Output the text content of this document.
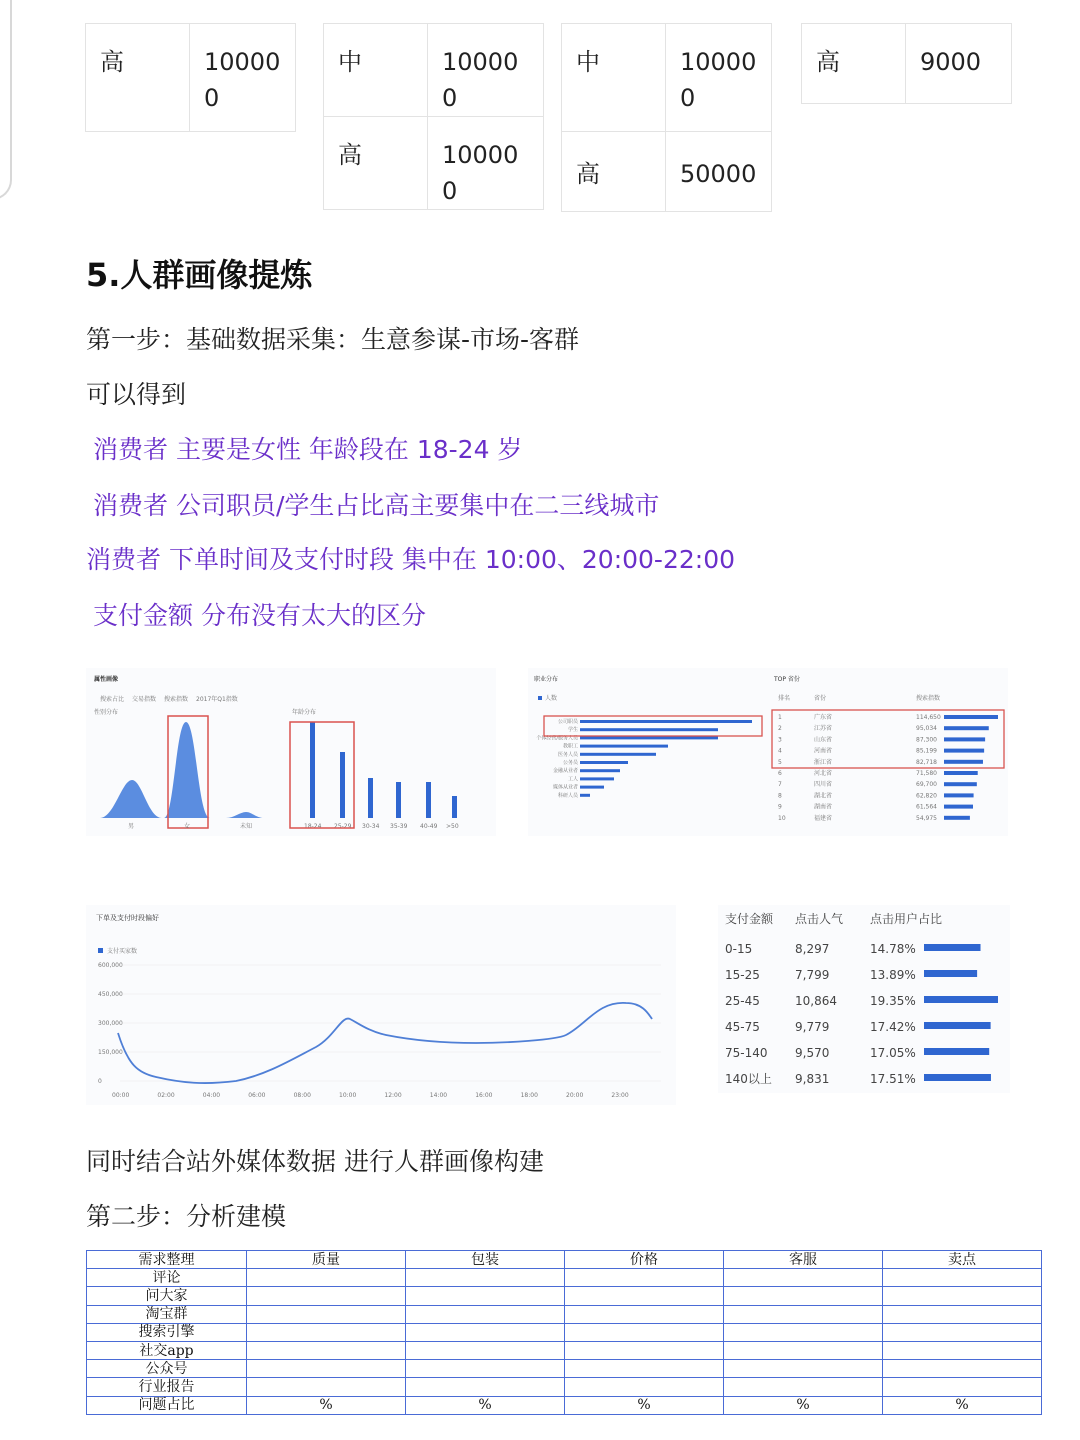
高	100000
中	100000
高	100000
中	100000
高	50000
高	9000
5.人群画像提炼
第一步：基础数据采集：生意参谋-市场-客群
可以得到
消费者 主要是女性 年龄段在 18-24 岁
消费者 公司职员/学生占比高主要集中在二三线城市
消费者 下单时间及支付时段 集中在 10:00、20:00-22:00
支付金额 分布没有太大的区分
属性画像
搜索占比 交易指数 搜索指数 2017年Q1指数
性别分布	年龄分布
男	女	未知	18-24 25-29 30-34 35-39 40-49 >50
职业分布
人数
公司职员
学生
个体经营/服务人员
教职工
医务人员
公务员
金融从业者
工人
媒体从业者
科研人员
TOP 省份
排名	省份	搜索指数
1	广东省	114,650
2	江苏省	95,034
3	山东省	87,300
4	河南省	85,199
5	浙江省	82,718
6	河北省	71,580
7	四川省	69,700
8	湖北省	62,820
9	湖南省	61,564
10	福建省	54,975
下单及支付时段偏好
支付买家数
600,000
450,000
300,000
150,000
0
00:00	02:00	04:00	06:00	08:00	10:00	12:00	14:00	16:00	18:00	20:00	23:00
支付金额 点击人气 点击用户占比
0-15	8,297	14.78%
15-25	7,799	13.89%
25-45	10,864	19.35%
45-75	9,779	17.42%
75-140 9,570	17.05%
140以上 9,831	17.51%
同时结合站外媒体数据 进行人群画像构建
第二步：分析建模
需求整理	质量	包装	价格	客服	卖点
评论					
问大家					
淘宝群					
搜索引擎					
社交app					
公众号					
行业报告					
问题占比	%	%	%	%	%
